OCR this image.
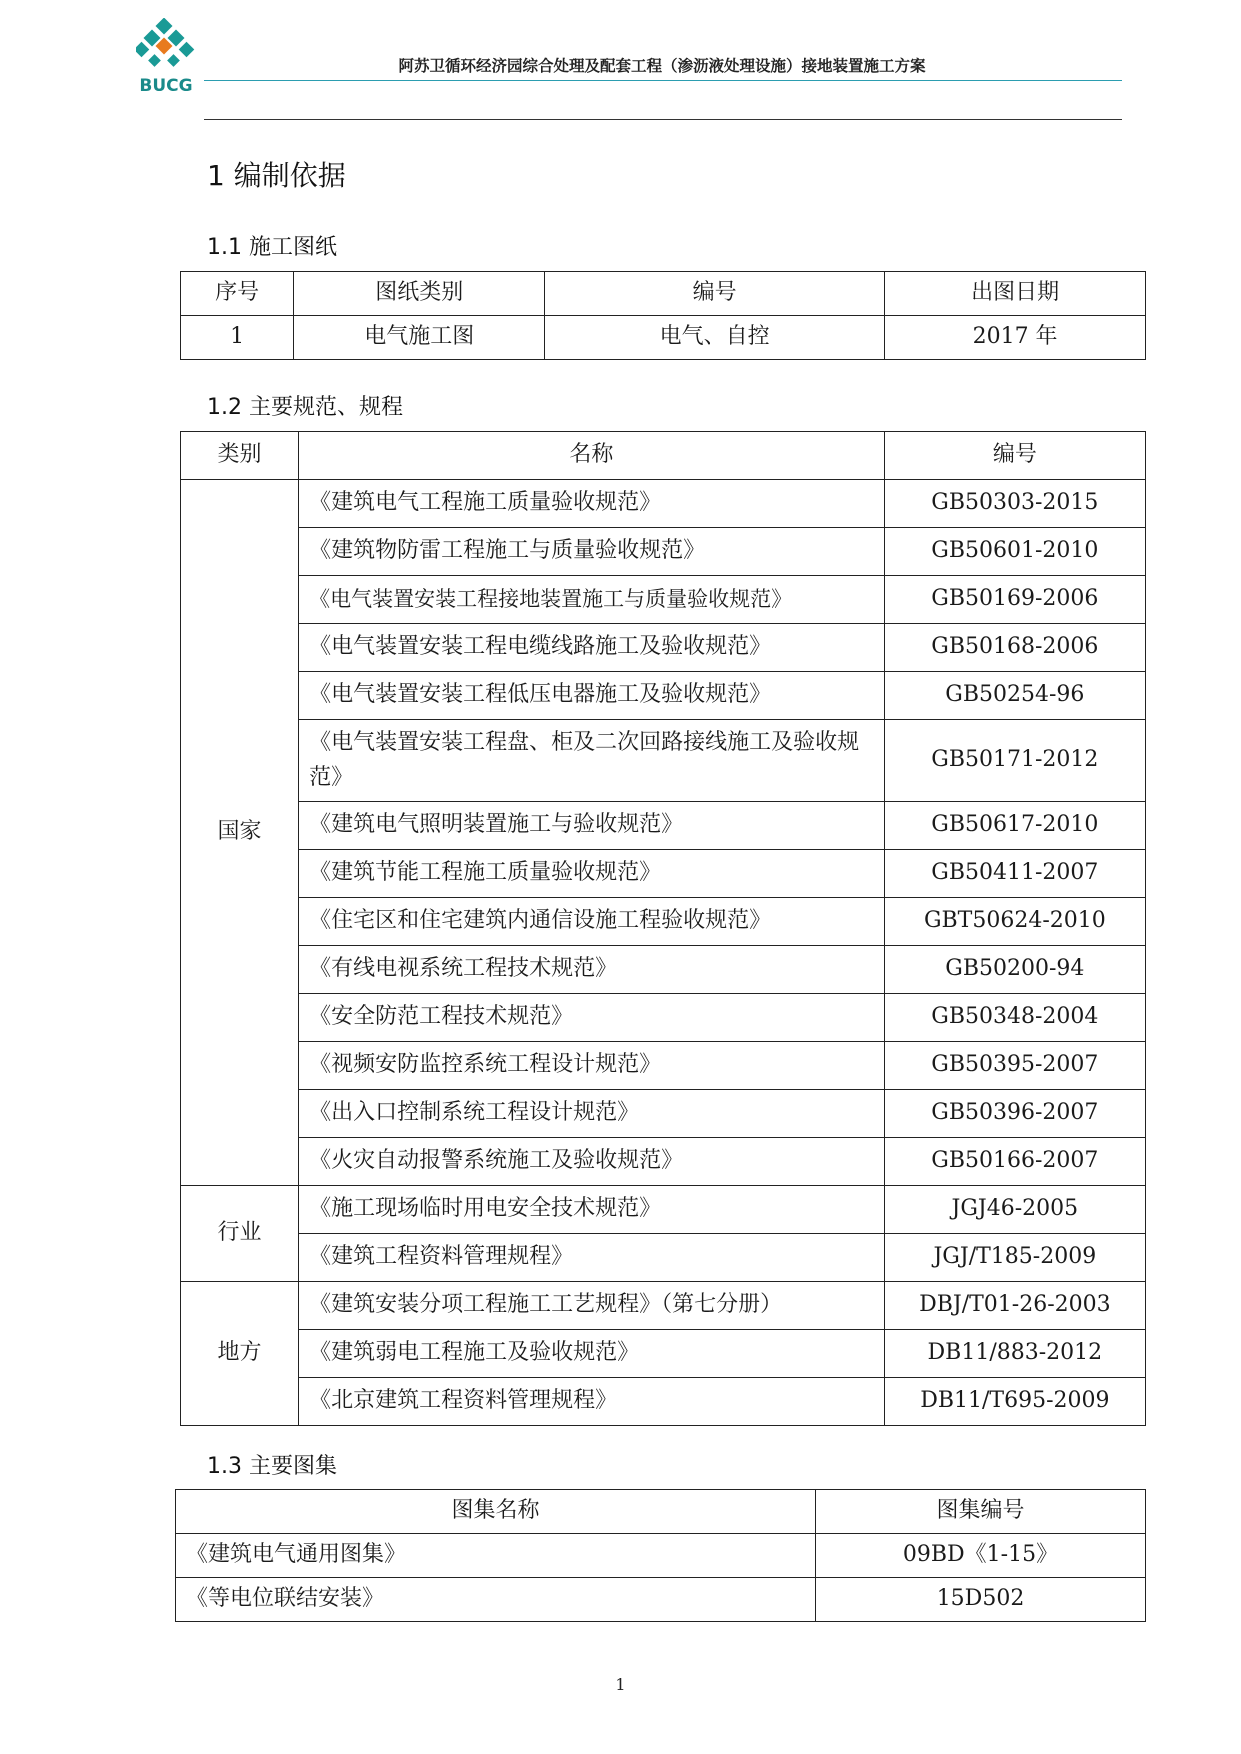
BUCG
阿苏卫循环经济园综合处理及配套工程（渗沥液处理设施）接地装置施工方案
1 编制依据
1.1 施工图纸
序号	图纸类别	编号	出图日期
1	电气施工图	电气、自控	2017 年
1.2 主要规范、规程
类别	名称	编号
国家	《建筑电气工程施工质量验收规范》	GB50303-2015
	《建筑物防雷工程施工与质量验收规范》	GB50601-2010
	《电气装置安装工程接地装置施工与质量验收规范》	GB50169-2006
	《电气装置安装工程电缆线路施工及验收规范》	GB50168-2006
	《电气装置安装工程低压电器施工及验收规范》	GB50254-96
	《电气装置安装工程盘、柜及二次回路接线施工及验收规范》	GB50171-2012
	《建筑电气照明装置施工与验收规范》	GB50617-2010
	《建筑节能工程施工质量验收规范》	GB50411-2007
	《住宅区和住宅建筑内通信设施工程验收规范》	GBT50624-2010
	《有线电视系统工程技术规范》	GB50200-94
	《安全防范工程技术规范》	GB50348-2004
	《视频安防监控系统工程设计规范》	GB50395-2007
	《出入口控制系统工程设计规范》	GB50396-2007
	《火灾自动报警系统施工及验收规范》	GB50166-2007
行业	《施工现场临时用电安全技术规范》	JGJ46-2005
	《建筑工程资料管理规程》	JGJ/T185-2009
地方	《建筑安装分项工程施工工艺规程》（第七分册）	DBJ/T01-26-2003
	《建筑弱电工程施工及验收规范》	DB11/883-2012
	《北京建筑工程资料管理规程》	DB11/T695-2009
1.3 主要图集
图集名称	图集编号
《建筑电气通用图集》	09BD《1-15》
《等电位联结安装》	15D502
1
